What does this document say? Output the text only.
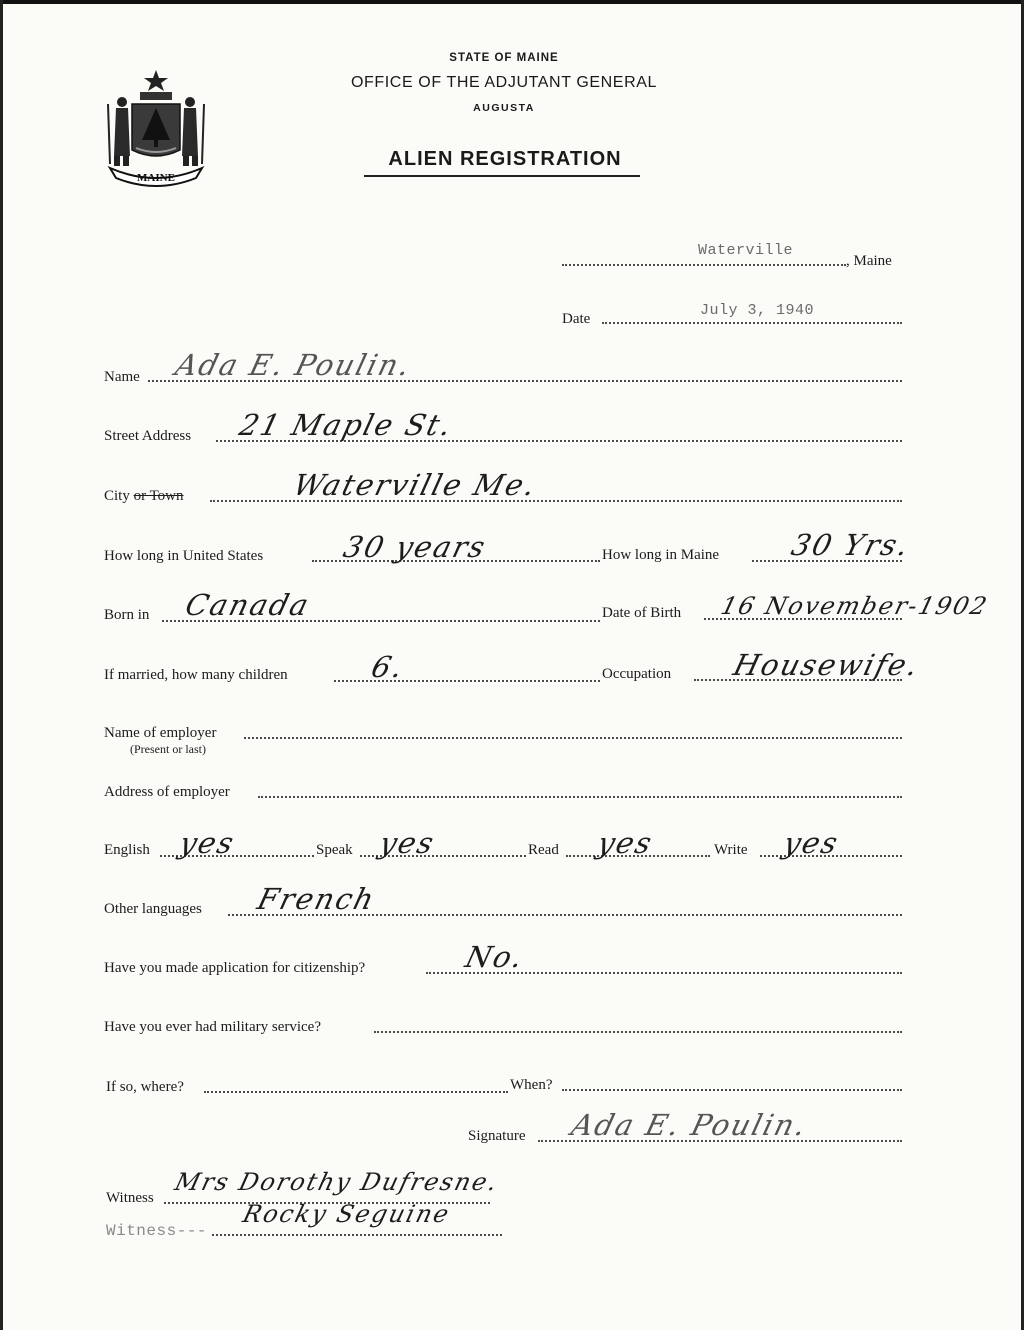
MAINE
STATE OF MAINE
OFFICE OF THE ADJUTANT GENERAL
AUGUSTA
ALIEN REGISTRATION
Waterville
, Maine
Date	July 3, 1940
Name Ada E. Poulin.
Street Address 21 Maple St.
City or Town	Waterville Me.
How long in United States	30 years	How long in Maine 30 Yrs.
Born in Canada	Date of Birth 16 November-1902
If married, how many children	6.	Occupation Housewife.
Name of employer
(Present or last)
Address of employer
English yes	Speak yes	Read yes	Write yes
Other languages French
Have you made application for citizenship?	No.
Have you ever had military service?
If so, where?	When?
Signature Ada E. Poulin.
Witness
Mrs Dorothy Dufresne.
Witness---
Rocky Seguine
